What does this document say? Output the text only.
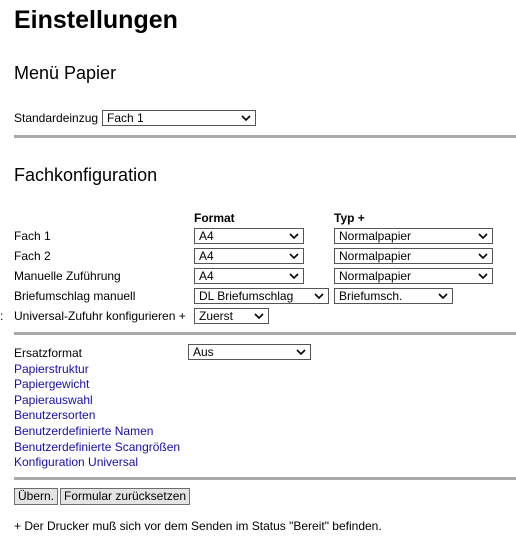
Einstellungen
Menü Papier
Standardeinzug Fach 1
Fachkonfiguration
Format	Typ +
Fach 1	A4	Normalpapier
Fach 2	A4	Normalpapier
Manuelle Zuführung	A4	Normalpapier
Briefumschlag manuell	DL Briefumschlag	Briefumsch.
: Universal-Zufuhr konfigurieren +	Zuerst
Ersatzformat	Aus
Papierstruktur
Papiergewicht
Papierauswahl
Benutzersorten
Benutzerdefinierte Namen
Benutzerdefinierte Scangrößen
Konfiguration Universal
Übern. Formular zurücksetzen
+ Der Drucker muß sich vor dem Senden im Status "Bereit" befinden.
